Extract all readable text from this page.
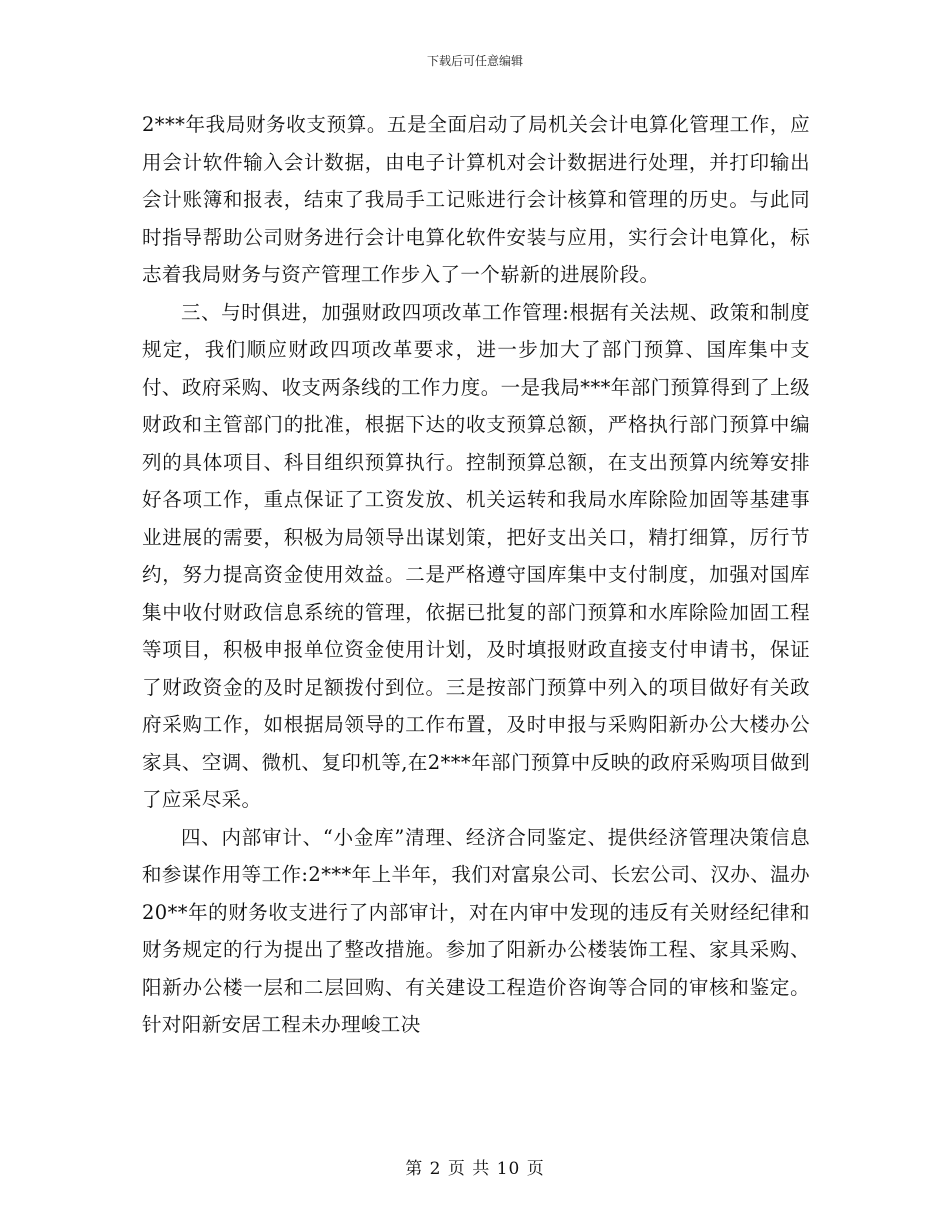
下载后可任意编辑

2***年我局财务收支预算。五是全面启动了局机关会计电算化管理工作，应用会计软件输入会计数据，由电子计算机对会计数据进行处理，并打印输出会计账簿和报表，结束了我局手工记账进行会计核算和管理的历史。与此同时指导帮助公司财务进行会计电算化软件安装与应用，实行会计电算化，标志着我局财务与资产管理工作步入了一个崭新的进展阶段。

三、与时俱进，加强财政四项改革工作管理:根据有关法规、政策和制度规定，我们顺应财政四项改革要求，进一步加大了部门预算、国库集中支付、政府采购、收支两条线的工作力度。一是我局***年部门预算得到了上级财政和主管部门的批准，根据下达的收支预算总额，严格执行部门预算中编列的具体项目、科目组织预算执行。控制预算总额，在支出预算内统筹安排好各项工作，重点保证了工资发放、机关运转和我局水库除险加固等基建事业进展的需要，积极为局领导出谋划策，把好支出关口，精打细算，厉行节约，努力提高资金使用效益。二是严格遵守国库集中支付制度，加强对国库集中收付财政信息系统的管理，依据已批复的部门预算和水库除险加固工程等项目，积极申报单位资金使用计划，及时填报财政直接支付申请书，保证了财政资金的及时足额拨付到位。三是按部门预算中列入的项目做好有关政府采购工作，如根据局领导的工作布置，及时申报与采购阳新办公大楼办公家具、空调、微机、复印机等,在2***年部门预算中反映的政府采购项目做到了应采尽采。

四、内部审计、“小金库”清理、经济合同鉴定、提供经济管理决策信息和参谋作用等工作:2***年上半年，我们对富泉公司、长宏公司、汉办、温办20**年的财务收支进行了内部审计，对在内审中发现的违反有关财经纪律和财务规定的行为提出了整改措施。参加了阳新办公楼装饰工程、家具采购、阳新办公楼一层和二层回购、有关建设工程造价咨询等合同的审核和鉴定。针对阳新安居工程未办理峻工决

第 2 页 共 10 页
